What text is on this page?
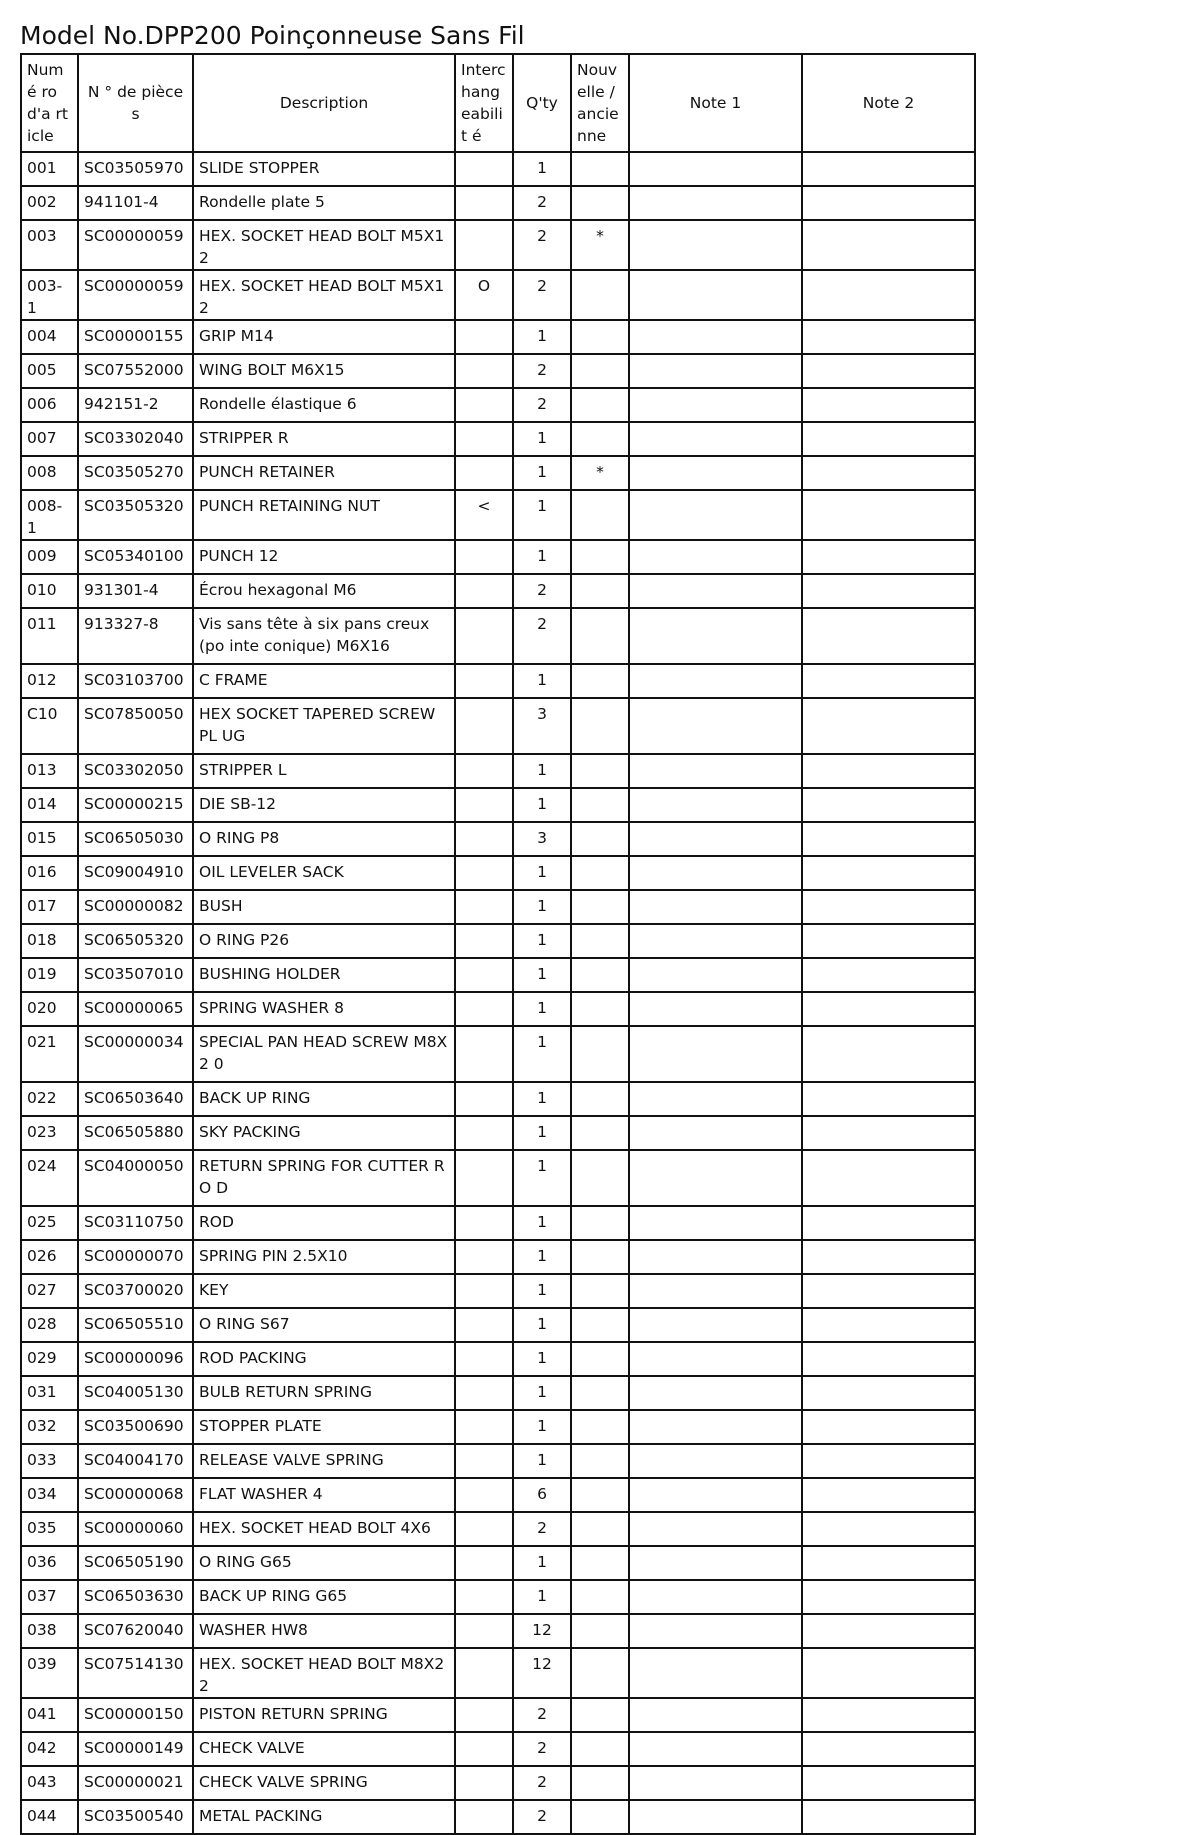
Model No.DPP200 Poinçonneuse Sans Fil
Numé ro d'a rticle	N ° de pièces	Description	Interc hang eabilit é	Q'ty	Nouv elle / ancie nne	Note 1	Note 2
001	SC03505970	SLIDE STOPPER		1			
002	941101-4	Rondelle plate 5		2			
003	SC00000059	HEX. SOCKET HEAD BOLT M5X12		2	*		
003-1	SC00000059	HEX. SOCKET HEAD BOLT M5X12	O	2			
004	SC00000155	GRIP M14		1			
005	SC07552000	WING BOLT M6X15		2			
006	942151-2	Rondelle élastique 6		2			
007	SC03302040	STRIPPER R		1			
008	SC03505270	PUNCH RETAINER		1	*		
008-1	SC03505320	PUNCH RETAINING NUT	<	1			
009	SC05340100	PUNCH 12		1			
010	931301-4	Écrou hexagonal M6		2			
011	913327-8	Vis sans tête à six pans creux (po inte conique) M6X16		2			
012	SC03103700	C FRAME		1			
C10	SC07850050	HEX SOCKET TAPERED SCREW PL UG		3			
013	SC03302050	STRIPPER L		1			
014	SC00000215	DIE SB-12		1			
015	SC06505030	O RING P8		3			
016	SC09004910	OIL LEVELER SACK		1			
017	SC00000082	BUSH		1			
018	SC06505320	O RING P26		1			
019	SC03507010	BUSHING HOLDER		1			
020	SC00000065	SPRING WASHER 8		1			
021	SC00000034	SPECIAL PAN HEAD SCREW M8X2 0		1			
022	SC06503640	BACK UP RING		1			
023	SC06505880	SKY PACKING		1			
024	SC04000050	RETURN SPRING FOR CUTTER RO D		1			
025	SC03110750	ROD		1			
026	SC00000070	SPRING PIN 2.5X10		1			
027	SC03700020	KEY		1			
028	SC06505510	O RING S67		1			
029	SC00000096	ROD PACKING		1			
031	SC04005130	BULB RETURN SPRING		1			
032	SC03500690	STOPPER PLATE		1			
033	SC04004170	RELEASE VALVE SPRING		1			
034	SC00000068	FLAT WASHER 4		6			
035	SC00000060	HEX. SOCKET HEAD BOLT 4X6		2			
036	SC06505190	O RING G65		1			
037	SC06503630	BACK UP RING G65		1			
038	SC07620040	WASHER HW8		12			
039	SC07514130	HEX. SOCKET HEAD BOLT M8X22		12			
041	SC00000150	PISTON RETURN SPRING		2			
042	SC00000149	CHECK VALVE		2			
043	SC00000021	CHECK VALVE SPRING		2			
044	SC03500540	METAL PACKING		2			
